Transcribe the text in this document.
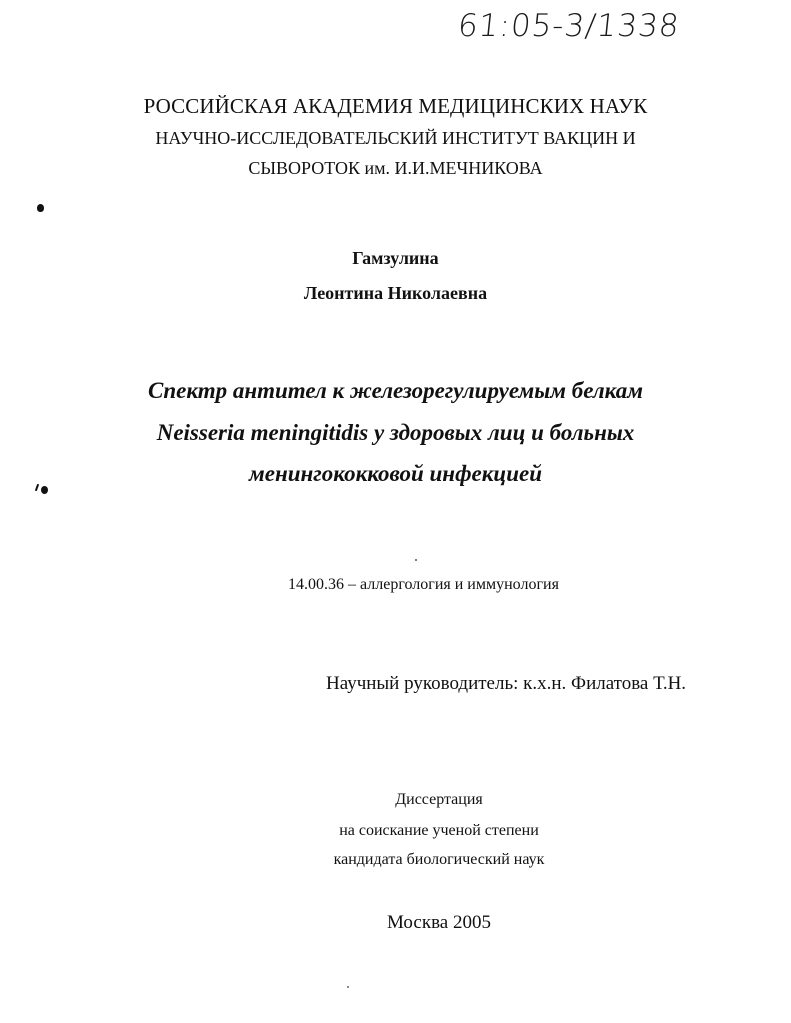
61:05-3/1338
РОССИЙСКАЯ АКАДЕМИЯ МЕДИЦИНСКИХ НАУК
НАУЧНО-ИССЛЕДОВАТЕЛЬСКИЙ ИНСТИТУТ ВАКЦИН И
СЫВОРОТОК им. И.И.МЕЧНИКОВА
Гамзулина
Леонтина Николаевна
Спектр антител к железорегулируемым белкам
Neisseria meningitidis у здоровых лиц и больных
менингококковой инфекцией
14.00.36 – аллергология и иммунология
Научный руководитель: к.х.н. Филатова Т.Н.
Диссертация
на соискание ученой степени
кандидата биологический наук
Москва 2005
